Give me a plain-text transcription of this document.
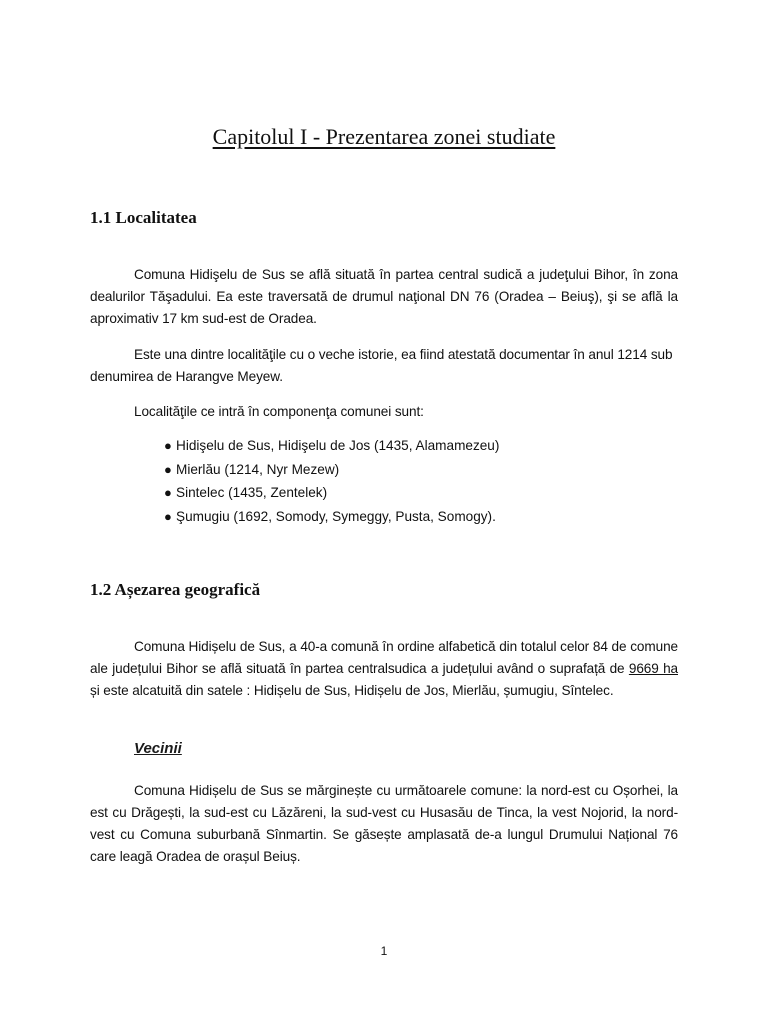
Capitolul I - Prezentarea zonei studiate
1.1 Localitatea

Comuna Hidişelu de Sus se află situată în partea central sudică a judeţului Bihor, în zona dealurilor Tăşadului. Ea este traversată de drumul naţional DN 76 (Oradea – Beiuş), şi se află la aproximativ 17 km sud-est de Oradea.

Este una dintre localităţile cu o veche istorie, ea fiind atestată documentar în anul 1214 sub denumirea de Harangve Meyew.

Localităţile ce intră în componenţa comunei sunt:

● Hidişelu de Sus, Hidişelu de Jos (1435, Alamamezeu)
● Mierlău (1214, Nyr Mezew)
● Sintelec (1435, Zentelek)
● Şumugiu (1692, Somody, Symeggy, Pusta, Somogy).
1.2 Așezarea geografică

Comuna Hidișelu de Sus, a 40-a comună în ordine alfabetică din totalul celor 84 de comune ale județului Bihor se află situată în partea centralsudica a județului având o suprafață de 9669 ha și este alcatuită din satele : Hidișelu de Sus, Hidișelu de Jos, Mierlău, șumugiu, Sîntelec.

Vecinii

Comuna Hidișelu de Sus se mărginește cu următoarele comune: la nord-est cu Oșorhei, la est cu Drăgești, la sud-est cu Lăzăreni, la sud-vest cu Husasău de Tinca, la vest Nojorid, la nord-vest cu Comuna suburbană Sînmartin. Se găsește amplasată de-a lungul Drumului Național 76 care leagă Oradea de orașul Beiuș.

1
